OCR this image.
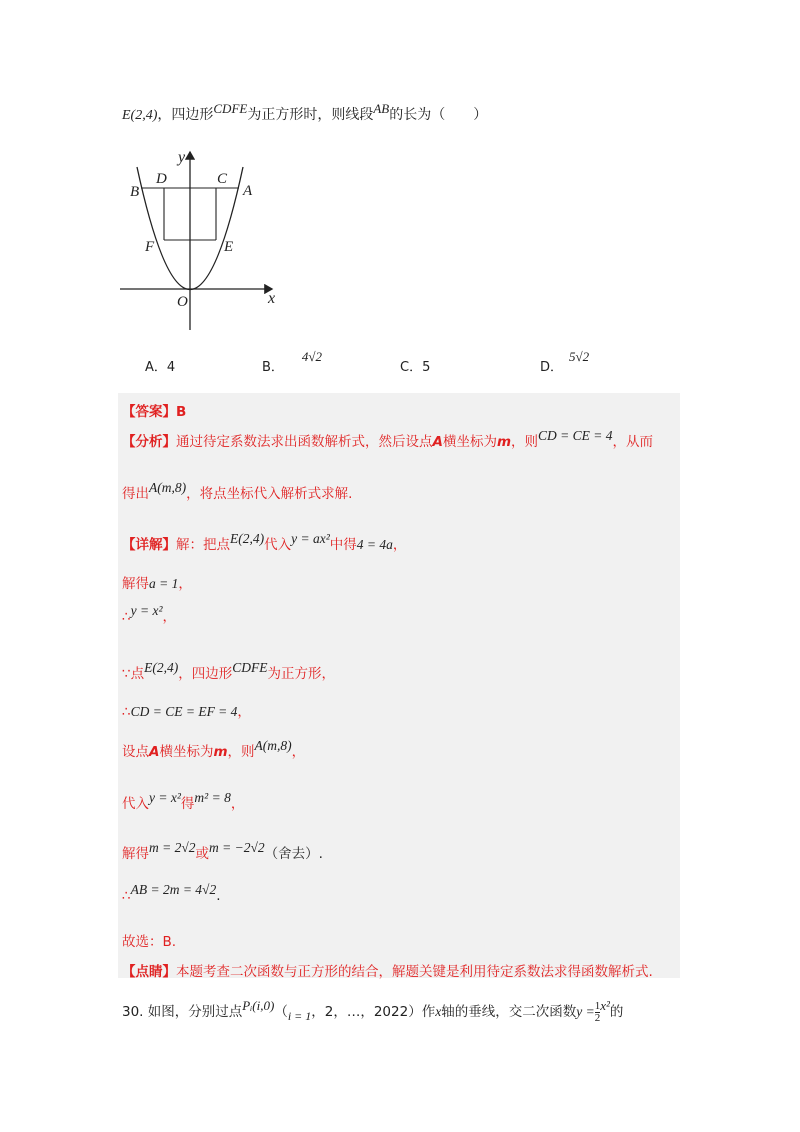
E(2,4)，四边形CDFE为正方形时，则线段AB的长为（　　）
y
x
O
B
D	C
A
F	E
A．4	B．4√2
C．5	D．5√2
【答案】B
【分析】通过待定系数法求出函数解析式，然后设点A横坐标为m，则CD = CE = 4，从而
得出A(m,8)，将点坐标代入解析式求解.
【详解】解：把点E(2,4)代入y = ax²中得4 = 4a，
解得a = 1，
∴y = x²，
∵点E(2,4)，四边形CDFE为正方形，
∴CD = CE = EF = 4，
设点A横坐标为m，则A(m,8)，
代入y = x²得m² = 8，
解得m = 2√2或m = −2√2（舍去）.
∴AB = 2m = 4√2.
故选：B.
【点睛】本题考查二次函数与正方形的结合，解题关键是利用待定系数法求得函数解析式.
30. 如图，分别过点Pᵢ(i,0)（i = 1，2，…，2022）作x轴的垂线，交二次函数$y = \frac{1}{2} x^2$的
